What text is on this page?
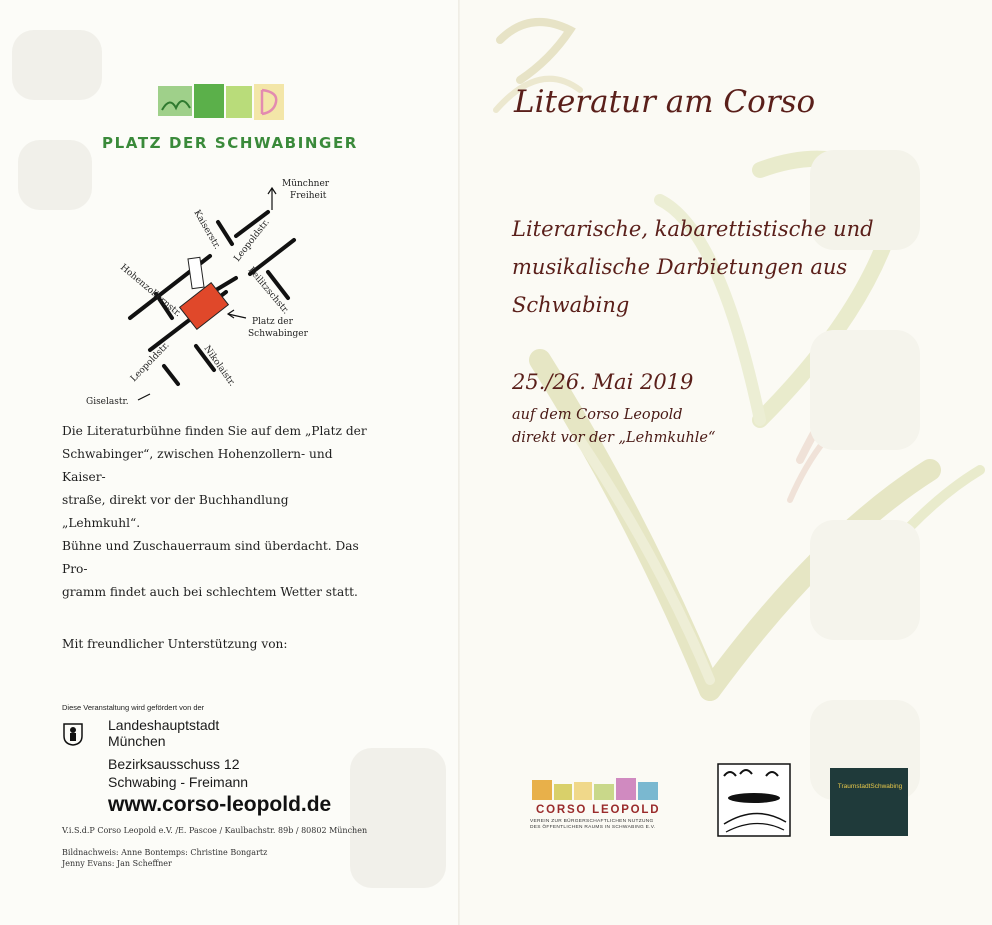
PLATZ DER SCHWABINGER
Münchner
Freiheit
Kaiserstr. Leopoldstr.
Hohenzollernstr.	Feilitzschstr.
Platz der
Schwabinger
Leopoldstr.	Nikolaistr.
Giselastr.
Die Literaturbühne finden Sie auf dem „Platz der
Schwabinger“, zwischen Hohenzollern- und Kaiser-
straße, direkt vor der Buchhandlung „Lehmkuhl“.
Bühne und Zuschauerraum sind überdacht. Das Pro-
gramm findet auch bei schlechtem Wetter statt.
Mit freundlicher Unterstützung von:
Diese Veranstaltung wird gefördert von der
Landeshauptstadt
München
Bezirksausschuss 12
Schwabing - Freimann
www.corso-leopold.de
V.i.S.d.P Corso Leopold e.V. /E. Pascoe / Kaulbachstr. 89b / 80802 München
Bildnachweis: Anne Bontemps: Christine Bongartz
Jenny Evans: Jan Scheffner
Literatur am Corso
Literarische, kabarettistische und
musikalische Darbietungen aus
Schwabing
25./26. Mai 2019
auf dem Corso Leopold
direkt vor der „Lehmkuhle“
CORSO LEOPOLD
VEREIN ZUR BÜRGERSCHAFTLICHEN NUTZUNG
DES ÖFFENTLICHEN RAUMS IN SCHWABING E.V.
TraumstadtSchwabing
